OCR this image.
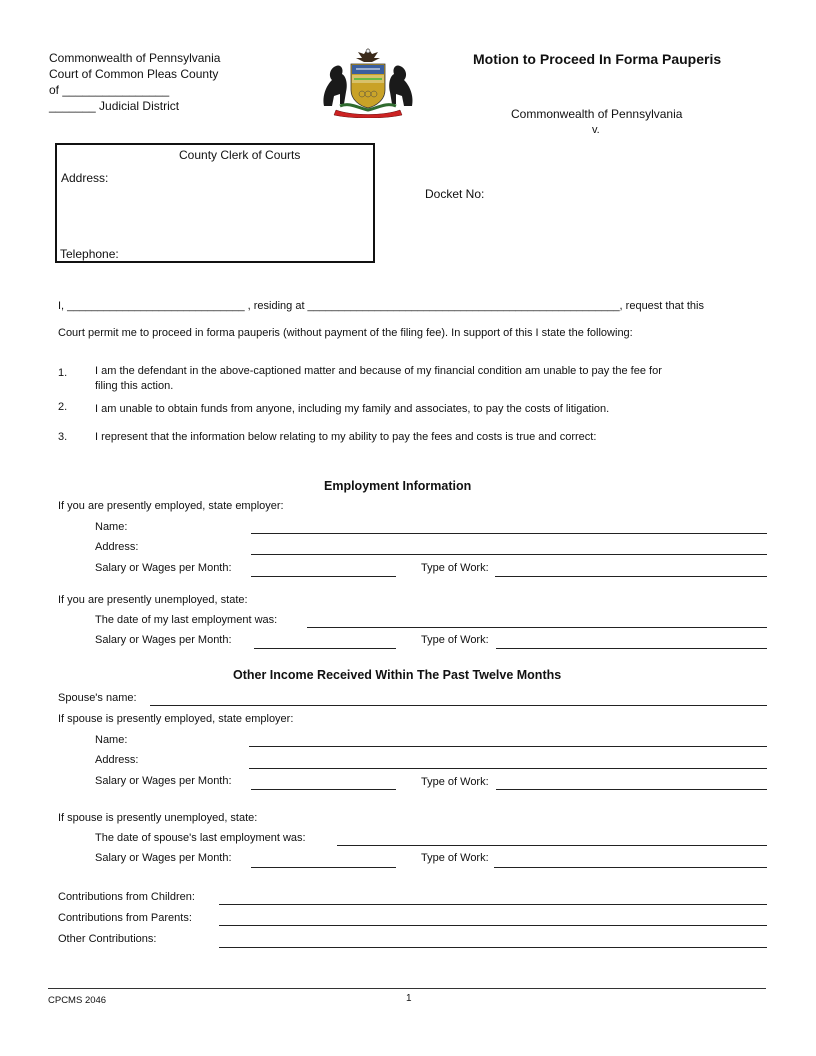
Commonwealth of Pennsylvania
Court of Common Pleas County
of ________________
_______ Judicial District
Motion to Proceed In Forma Pauperis
Commonwealth of Pennsylvania
v.
County Clerk of Courts
Address:
Telephone:
Docket No:
I, _____________________________ , residing at ___________________________________________________, request that this
Court permit me to proceed in forma pauperis (without payment of the filing fee). In support of this I state the following:
1.	I am the defendant in the above-captioned matter and because of my financial condition am unable to pay the fee for
filing this action.
2.	I am unable to obtain funds from anyone, including my family and associates, to pay the costs of litigation.
3.	I represent that the information below relating to my ability to pay the fees and costs is true and correct:
Employment Information
If you are presently employed, state employer:
Name:
Address:
Salary or Wages per Month:	Type of Work:
If you are presently unemployed, state:
The date of my last employment was:
Salary or Wages per Month:	Type of Work:
Other Income Received Within The Past Twelve Months
Spouse's name:
If spouse is presently employed, state employer:
Name:
Address:
Salary or Wages per Month:	Type of Work:
If spouse is presently unemployed, state:
The date of spouse's last employment was:
Salary or Wages per Month:	Type of Work:
Contributions from Children:
Contributions from Parents:
Other Contributions:
CPCMS 2046	1
